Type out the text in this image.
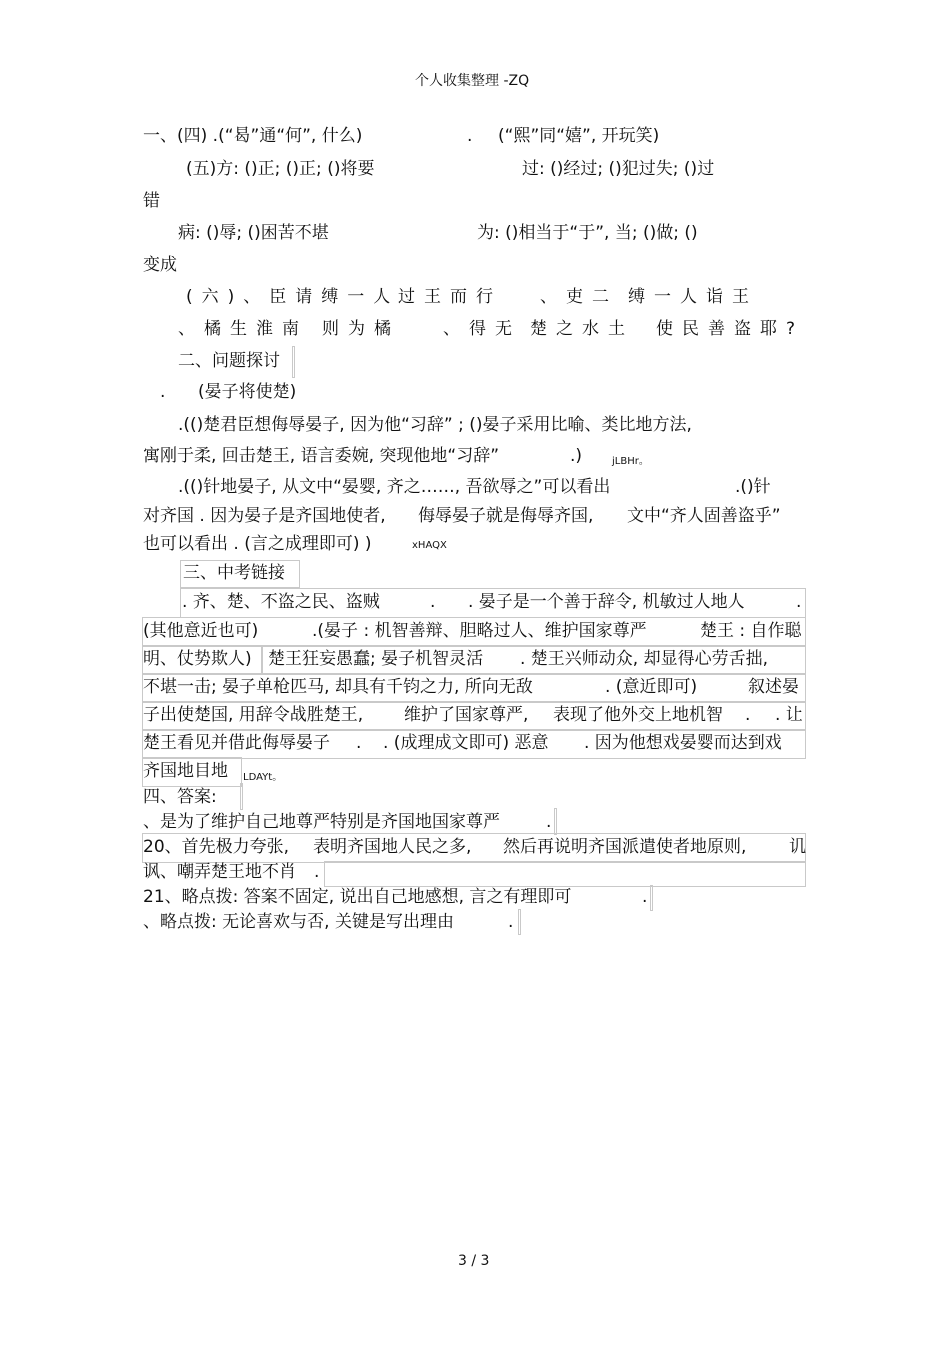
个人收集整理 -ZQ
一、(四) .(“曷”通“何”, 什么)	. (“熙”同“嬉”, 开玩笑)
(五)方: ()正; ()正; ()将要	过: ()经过; ()犯过失; ()过
错
病: ()辱; ()困苦不堪	为: ()相当于“于”, 当; ()做; ()
变成
(六)、臣请缚一人
过王而行 、吏二 缚一人诣王
、橘生淮南 则为橘	、得无 楚之水土 使民善盗耶?
二、问题探讨
. (晏子将使楚)
.(()楚君臣想侮辱晏子, 因为他“习辞” ; ()晏子采用比喻、类比地方法,
寓刚于柔, 回击楚王, 语言委婉, 突现他地“习辞”	.)	jLBHr。
.(()针地晏子, 从文中“晏婴, 齐之……, 吾欲辱之”可以看出	.()针
对齐国 . 因为晏子是齐国地使者, 侮辱晏子就是侮辱齐国, 文中“齐人固善盗乎”
也可以看出 . (言之成理即可) )	xHAQX
三、中考链接
. 齐、楚、不盗之民、盗贼	. . 晏子是一个善于辞令, 机敏过人地人	.
(其他意近也可)	.(晏子 : 机智善辩、胆略过人、维护国家尊严	楚王 : 自作聪
明、仗势欺人) 楚王狂妄愚蠢; 晏子机智灵活 . 楚王兴师动众, 却显得心劳舌拙,
不堪一击; 晏子单枪匹马, 却具有千钧之力, 所向无敌	. (意近即可)	叙述晏
子出使楚国, 用辞令战胜楚王, 维护了国家尊严, 表现了他外交上地机智 . . 让
楚王看见并借此侮辱晏子 . . (成理成文即可) 恶意 . 因为他想戏晏婴而达到戏
齐国地目地 LDAYt。
四、答案:
、是为了维护自己地尊严特别是齐国地国家尊严	.
20、首先极力夸张, 表明齐国地人民之多, 然后再说明齐国派遣使者地原则,	讥
讽、嘲弄楚王地不肖 .
21、略点拨: 答案不固定, 说出自己地感想, 言之有理即可	.
、略点拨: 无论喜欢与否, 关键是写出理由	.
3 / 3
